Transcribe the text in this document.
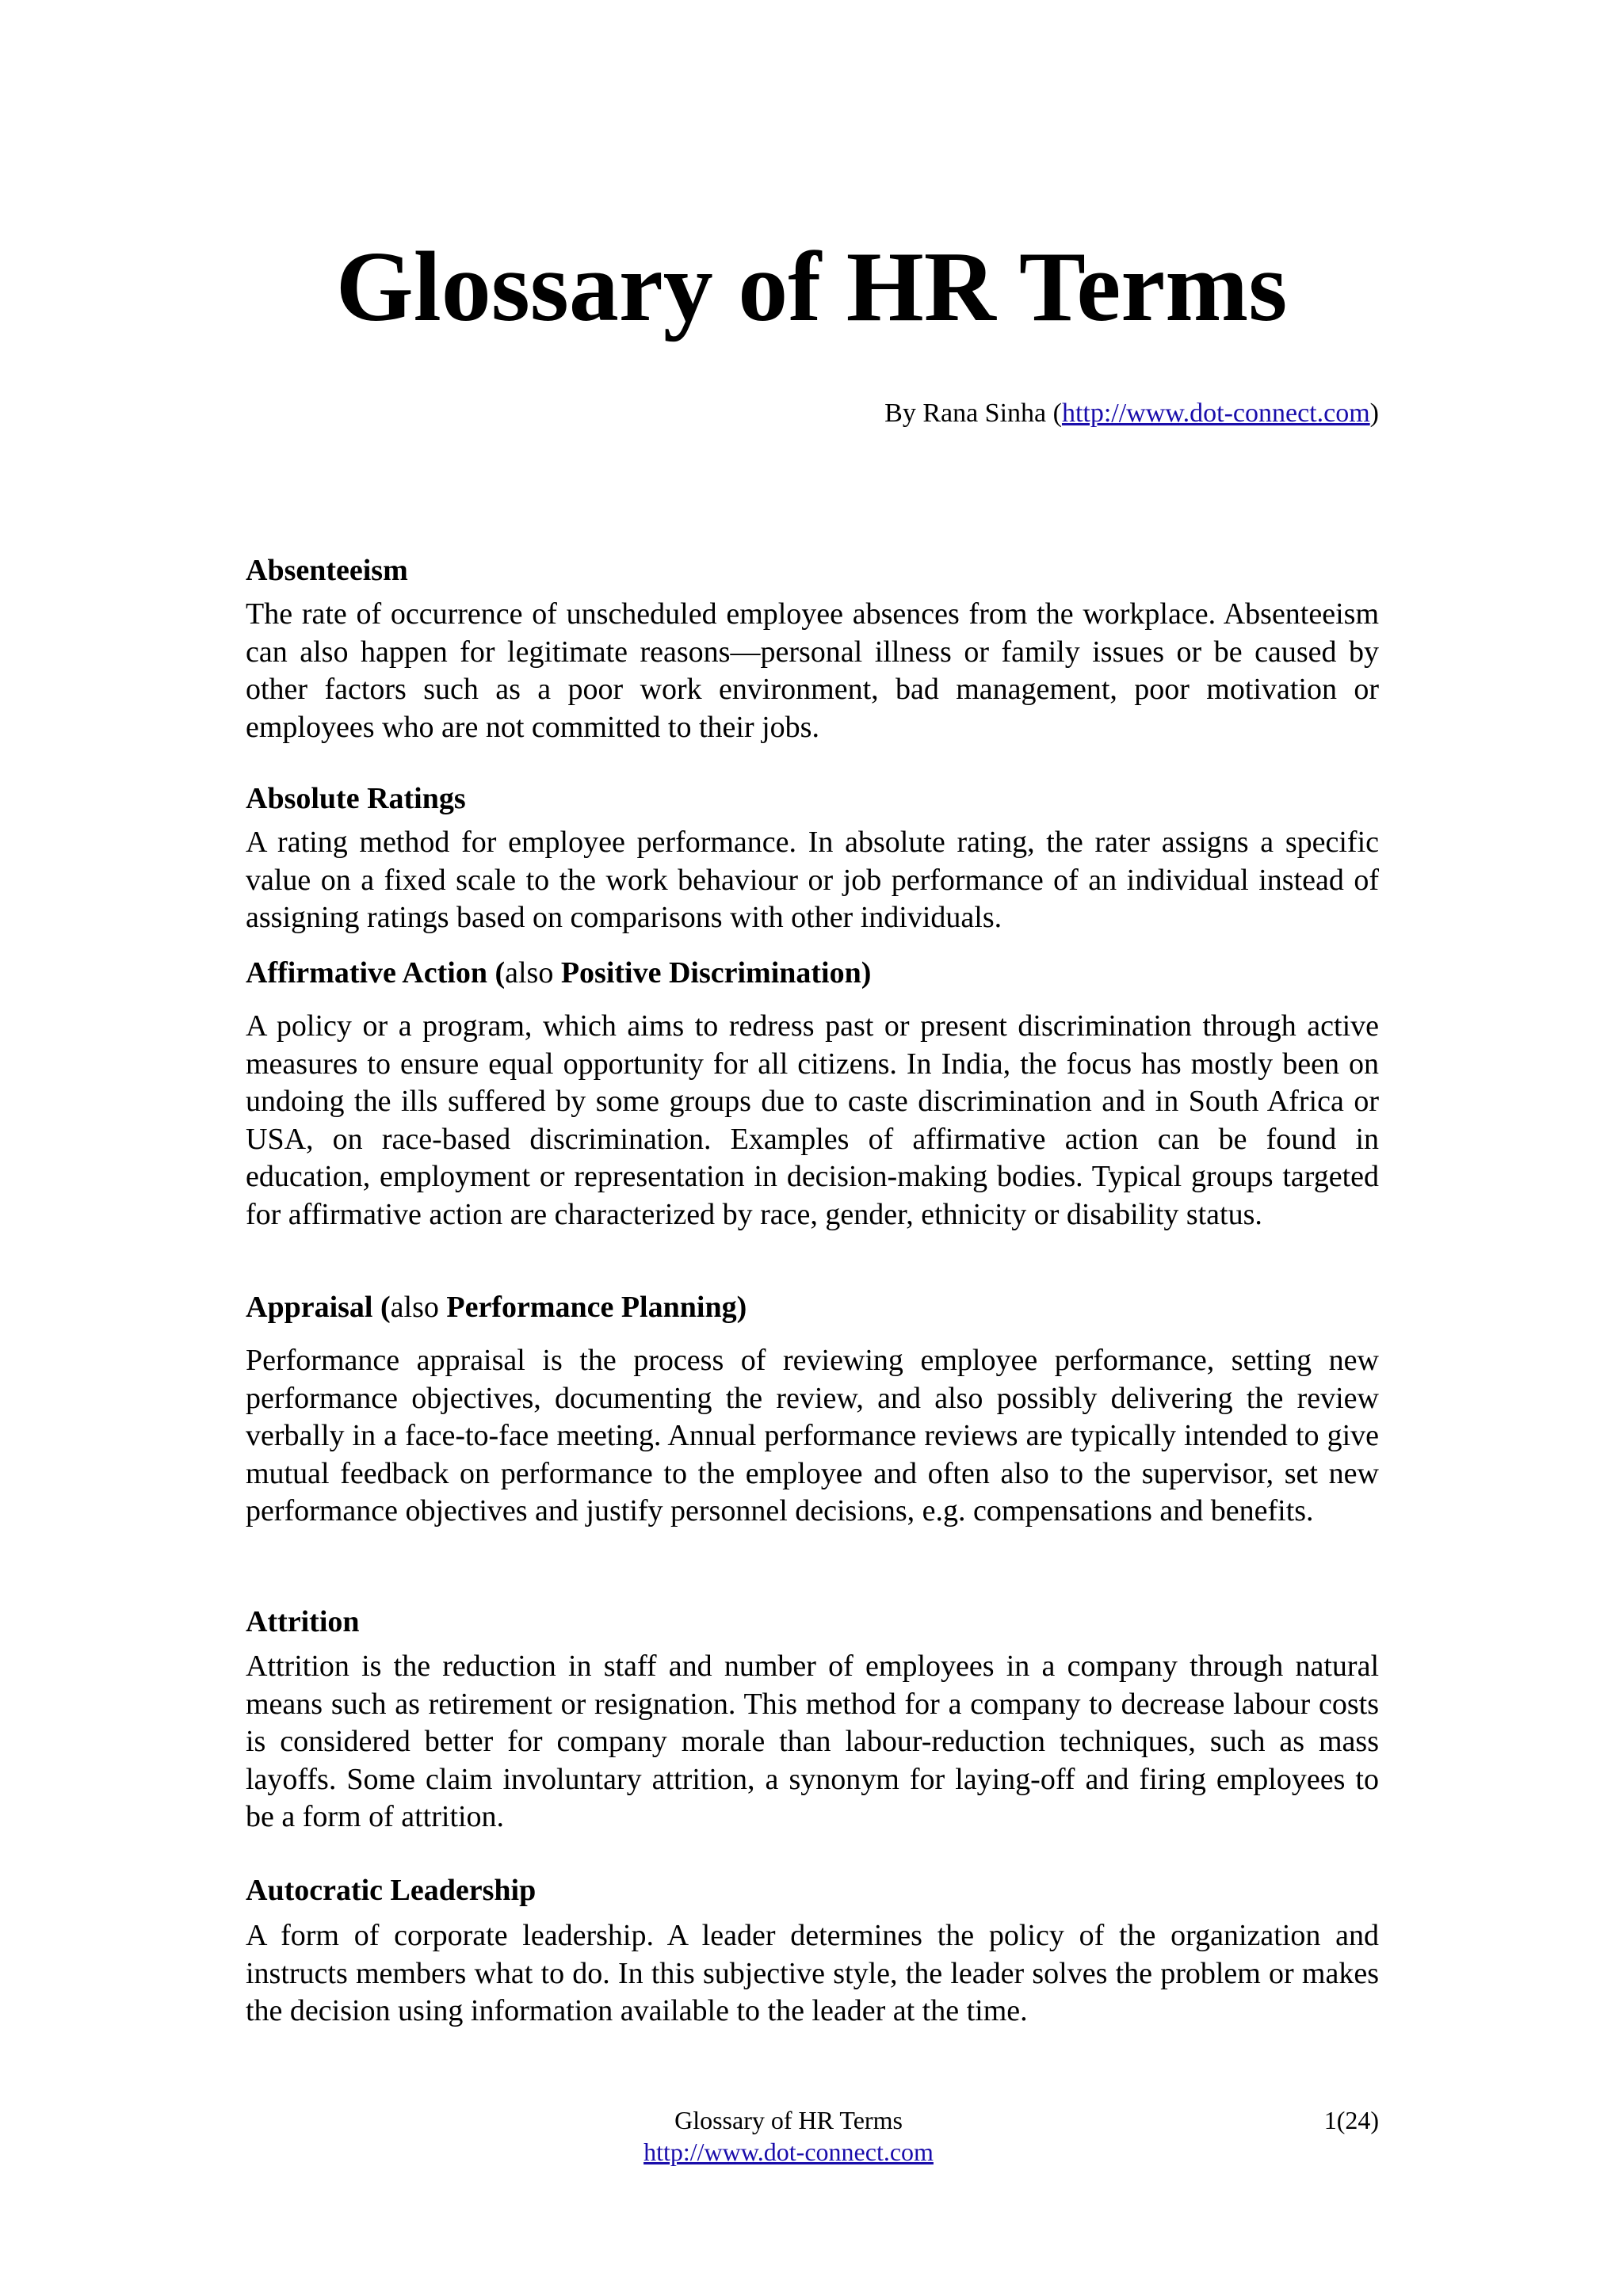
Glossary of HR Terms
By Rana Sinha (http://www.dot-connect.com)
Absenteeism

The rate of occurrence of unscheduled employee absences from the workplace. Absenteeism can also happen for legitimate reasons—personal illness or family issues or be caused by other factors such as a poor work environment, bad management, poor motivation or employees who are not committed to their jobs.

Absolute Ratings

A rating method for employee performance. In absolute rating, the rater assigns a specific value on a fixed scale to the work behaviour or job performance of an individual instead of assigning ratings based on comparisons with other individuals.

Affirmative Action (also Positive Discrimination)

A policy or a program, which aims to redress past or present discrimination through active measures to ensure equal opportunity for all citizens. In India, the focus has mostly been on undoing the ills suffered by some groups due to caste discrimination and in South Africa or USA, on race-based discrimination. Examples of affirmative action can be found in education, employment or representation in decision-making bodies. Typical groups targeted for affirmative action are characterized by race, gender, ethnicity or disability status.

Appraisal (also Performance Planning)

Performance appraisal is the process of reviewing employee performance, setting new performance objectives, documenting the review, and also possibly delivering the review verbally in a face-to-face meeting. Annual performance reviews are typically intended to give mutual feedback on performance to the employee and often also to the supervisor, set new performance objectives and justify personnel decisions, e.g. compensations and benefits.

Attrition

Attrition is the reduction in staff and number of employees in a company through natural means such as retirement or resignation. This method for a company to decrease labour costs is considered better for company morale than labour-reduction techniques, such as mass layoffs. Some claim involuntary attrition, a synonym for laying-off and firing employees to be a form of attrition.

Autocratic Leadership

A form of corporate leadership. A leader determines the policy of the organization and instructs members what to do. In this subjective style, the leader solves the problem or makes the decision using information available to the leader at the time.

Glossary of HR Terms
http://www.dot-connect.com
1(24)
